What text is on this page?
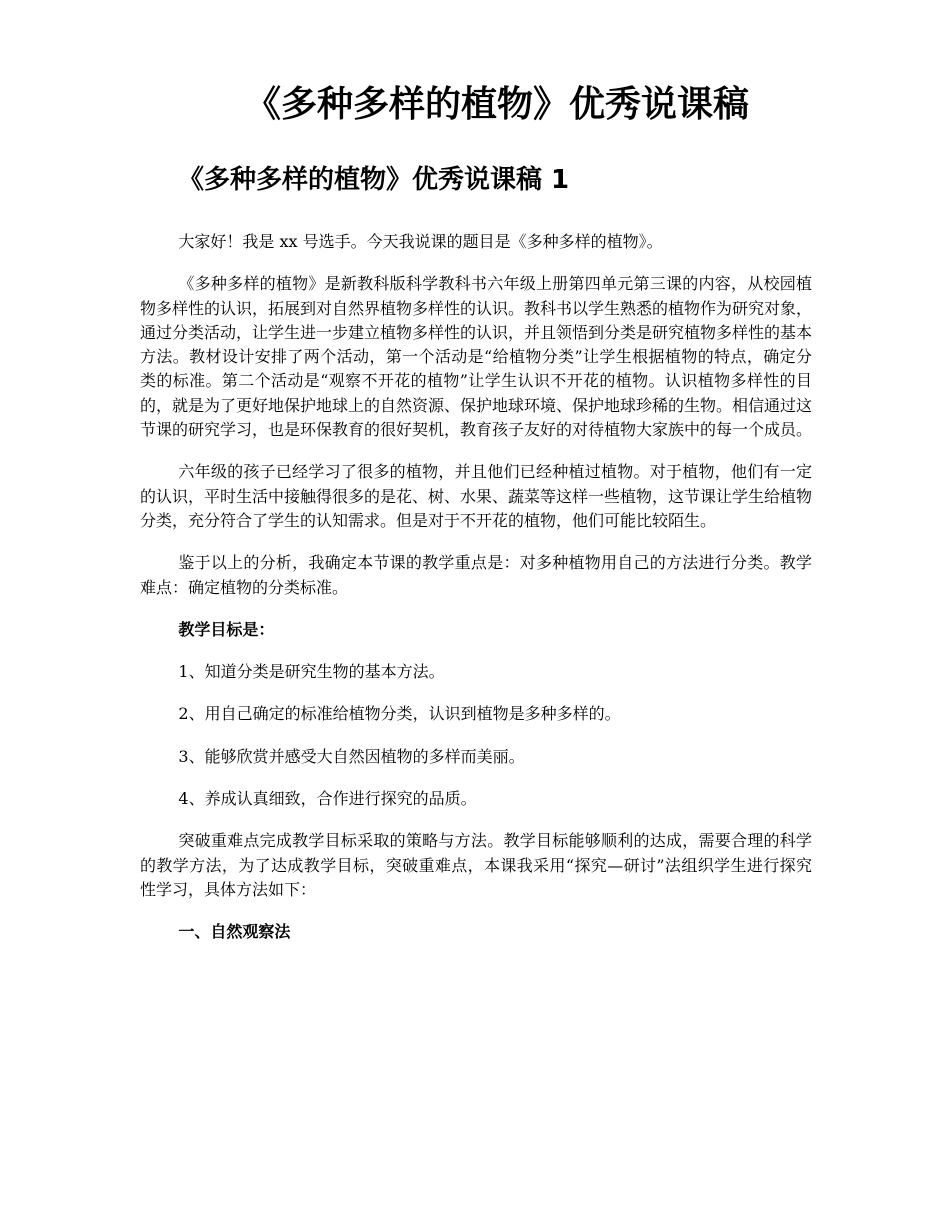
《多种多样的植物》优秀说课稿
《多种多样的植物》优秀说课稿 1

大家好！我是 xx 号选手。今天我说课的题目是《多种多样的植物》。

《多种多样的植物》是新教科版科学教科书六年级上册第四单元第三课的内容，从校园植物多样性的认识，拓展到对自然界植物多样性的认识。教科书以学生熟悉的植物作为研究对象，通过分类活动，让学生进一步建立植物多样性的认识，并且领悟到分类是研究植物多样性的基本方法。教材设计安排了两个活动，第一个活动是“给植物分类”让学生根据植物的特点，确定分类的标准。第二个活动是“观察不开花的植物”让学生认识不开花的植物。认识植物多样性的目的，就是为了更好地保护地球上的自然资源、保护地球环境、保护地球珍稀的生物。相信通过这节课的研究学习，也是环保教育的很好契机，教育孩子友好的对待植物大家族中的每一个成员。

六年级的孩子已经学习了很多的植物，并且他们已经种植过植物。对于植物，他们有一定的认识，平时生活中接触得很多的是花、树、水果、蔬菜等这样一些植物，这节课让学生给植物分类，充分符合了学生的认知需求。但是对于不开花的植物，他们可能比较陌生。

鉴于以上的分析，我确定本节课的教学重点是：对多种植物用自己的方法进行分类。教学难点：确定植物的分类标准。

教学目标是：

1、知道分类是研究生物的基本方法。

2、用自己确定的标准给植物分类，认识到植物是多种多样的。

3、能够欣赏并感受大自然因植物的多样而美丽。

4、养成认真细致，合作进行探究的品质。

突破重难点完成教学目标采取的策略与方法。教学目标能够顺利的达成，需要合理的科学的教学方法，为了达成教学目标，突破重难点，本课我采用“探究—研讨”法组织学生进行探究性学习，具体方法如下：

一、自然观察法
